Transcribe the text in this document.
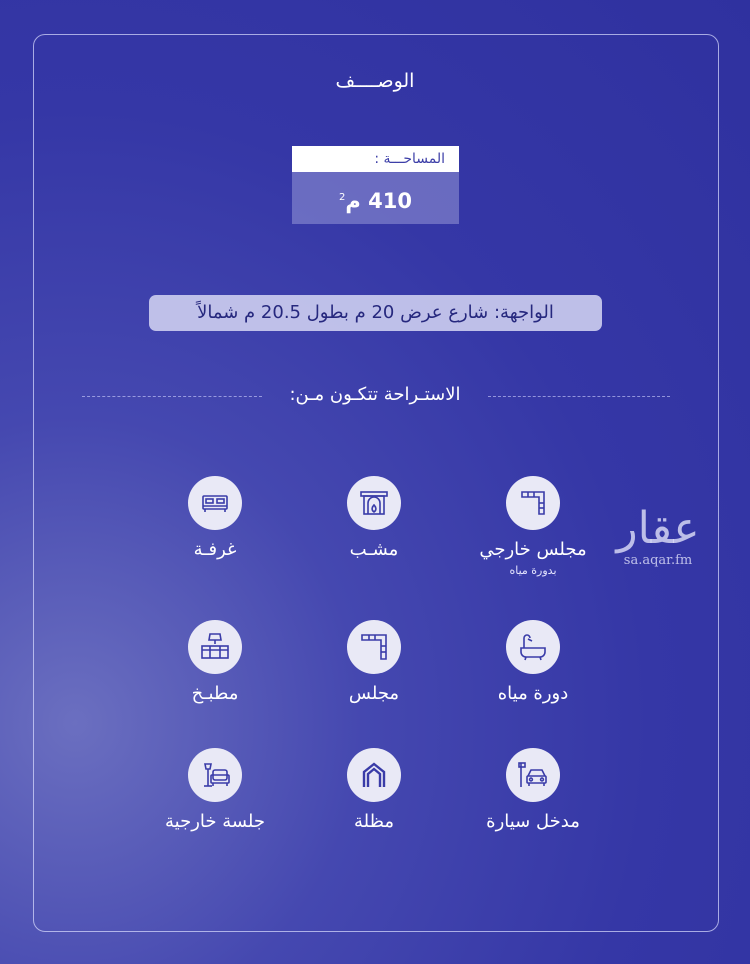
الوصــــف
المساحـــة :
410 م$^2$
الواجهة: شارع عرض 20 م بطول 20.5 م شمالاً
الاستـراحة تتكـون مـن:
غرفـة	مشـب	مجلس خارجي
بدورة مياه
مطبـخ	مجلس	دورة مياه
جلسة خارجية	مظلة	مدخل سيارة
عقار
sa.aqar.fm
